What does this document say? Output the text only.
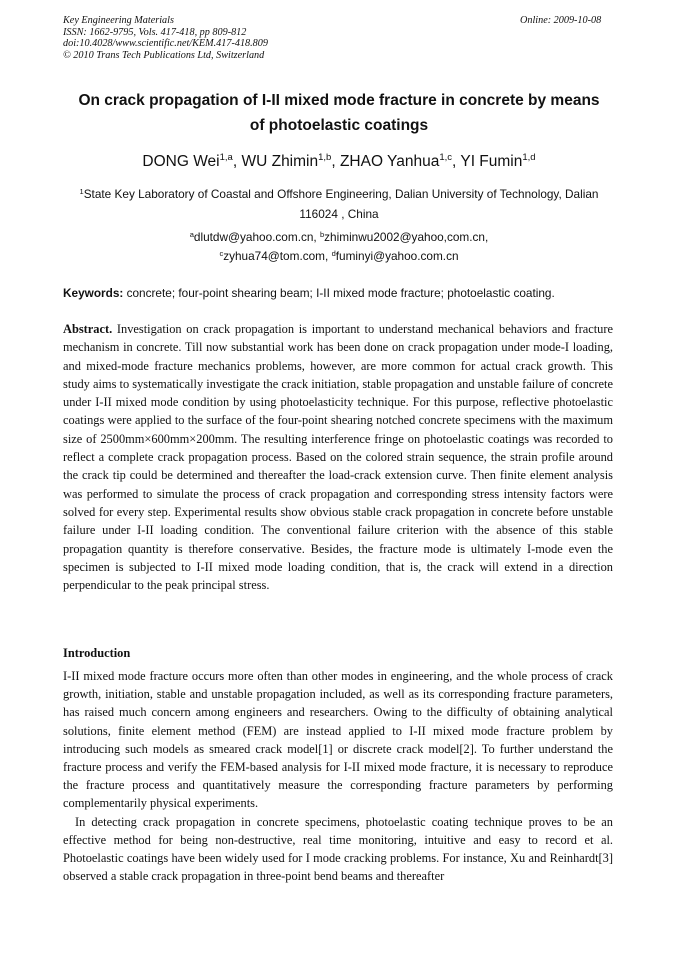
Key Engineering Materials
ISSN: 1662-9795, Vols. 417-418, pp 809-812
doi:10.4028/www.scientific.net/KEM.417-418.809
© 2010 Trans Tech Publications Ltd, Switzerland
Online: 2009-10-08
On crack propagation of I-II mixed mode fracture in concrete by means
of photoelastic coatings
DONG Wei$^{1,a}$, WU Zhimin$^{1,b}$, ZHAO Yanhua$^{1,c}$, YI Fumin$^{1,d}$
$^1$State Key Laboratory of Coastal and Offshore Engineering, Dalian University of Technology, Dalian 116024 , China
$^a$dlutdw@yahoo.com.cn, $^b$zhiminwu2002@yahoo,com.cn,
$^c$zyhua74@tom.com, $^d$fuminyi@yahoo.com.cn
Keywords: concrete; four-point shearing beam; I-II mixed mode fracture; photoelastic coating.
Abstract. Investigation on crack propagation is important to understand mechanical behaviors and fracture mechanism in concrete. Till now substantial work has been done on crack propagation under mode-I loading, and mixed-mode fracture mechanics problems, however, are more common for actual crack growth. This study aims to systematically investigate the crack initiation, stable propagation and unstable failure of concrete under I-II mixed mode condition by using photoelasticity technique. For this purpose, reflective photoelastic coatings were applied to the surface of the four-point shearing notched concrete specimens with the maximum size of 2500mm×600mm×200mm. The resulting interference fringe on photoelastic coatings was recorded to reflect a complete crack propagation process. Based on the colored strain sequence, the strain profile around the crack tip could be determined and thereafter the load-crack extension curve. Then finite element analysis was performed to simulate the process of crack propagation and corresponding stress intensity factors were solved for every step. Experimental results show obvious stable crack propagation in concrete before unstable failure under I-II loading condition. The conventional failure criterion with the absence of this stable propagation quantity is therefore conservative. Besides, the fracture mode is ultimately I-mode even the specimen is subjected to I-II mixed mode loading condition, that is, the crack will extend in a direction perpendicular to the peak principal stress.
Introduction

I-II mixed mode fracture occurs more often than other modes in engineering, and the whole process of crack growth, initiation, stable and unstable propagation included, as well as its corresponding fracture parameters, has raised much concern among engineers and researchers. Owing to the difficulty of obtaining analytical solutions, finite element method (FEM) are instead applied to I-II mixed mode fracture problem by introducing such models as smeared crack model[1] or discrete crack model[2]. To further understand the fracture process and verify the FEM-based analysis for I-II mixed mode fracture, it is necessary to reproduce the fracture process and quantitatively measure the corresponding fracture parameters by performing complementarily physical experiments.

In detecting crack propagation in concrete specimens, photoelastic coating technique proves to be an effective method for being non-destructive, real time monitoring, intuitive and easy to record et al. Photoelastic coatings have been widely used for I mode cracking problems. For instance, Xu and Reinhardt[3] observed a stable crack propagation in three-point bend beams and thereafter
